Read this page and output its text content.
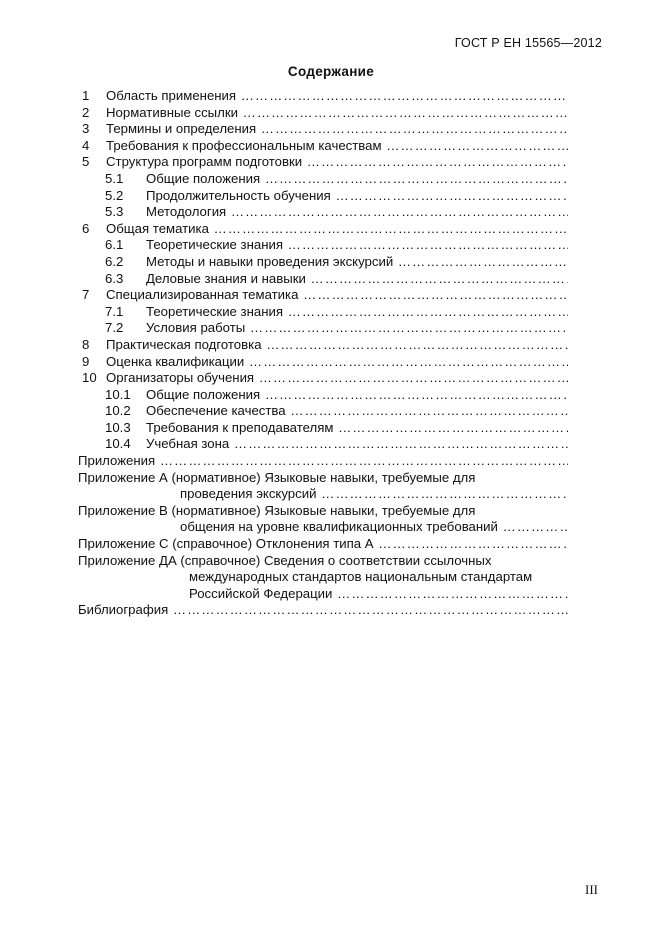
ГОСТ Р ЕН 15565—2012
Содержание
1 Область применения …………………………………………………………………………………………………………………………………………………………………………………
2 Нормативные ссылки …………………………………………………………………………………………………………………………………………………………………………………
3 Термины и определения …………………………………………………………………………………………………………………………………………………………………………………
4 Требования к профессиональным качествам …………………………………………………………………………………………………………………………………………………………………………………
5 Структура программ подготовки …………………………………………………………………………………………………………………………………………………………………………………
5.1 Общие положения …………………………………………………………………………………………………………………………………………………………………………………
5.2 Продолжительность обучения …………………………………………………………………………………………………………………………………………………………………………………
5.3 Методология …………………………………………………………………………………………………………………………………………………………………………………
6 Общая тематика …………………………………………………………………………………………………………………………………………………………………………………
6.1 Теоретические знания …………………………………………………………………………………………………………………………………………………………………………………
6.2 Методы и навыки проведения экскурсий …………………………………………………………………………………………………………………………………………………………………………………
6.3 Деловые знания и навыки …………………………………………………………………………………………………………………………………………………………………………………
7 Специализированная тематика …………………………………………………………………………………………………………………………………………………………………………………
7.1 Теоретические знания …………………………………………………………………………………………………………………………………………………………………………………
7.2 Условия работы …………………………………………………………………………………………………………………………………………………………………………………
8 Практическая подготовка …………………………………………………………………………………………………………………………………………………………………………………
9 Оценка квалификации …………………………………………………………………………………………………………………………………………………………………………………
10 Организаторы обучения …………………………………………………………………………………………………………………………………………………………………………………
10.1 Общие положения …………………………………………………………………………………………………………………………………………………………………………………
10.2 Обеспечение качества …………………………………………………………………………………………………………………………………………………………………………………
10.3 Требования к преподавателям …………………………………………………………………………………………………………………………………………………………………………………
10.4 Учебная зона …………………………………………………………………………………………………………………………………………………………………………………
Приложения …………………………………………………………………………………………………………………………………………………………………………………
Приложение А (нормативное) Языковые навыки, требуемые для
проведения экскурсий …………………………………………………………………………………………………………………………………………………………………………………
Приложение В (нормативное) Языковые навыки, требуемые для
общения на уровне квалификационных требований …………………………………………………………………………………………………………………………………………………………………………………
Приложение С (справочное) Отклонения типа А …………………………………………………………………………………………………………………………………………………………………………………
Приложение ДА (справочное) Сведения о соответствии ссылочных
международных стандартов национальным стандартам
Российской Федерации …………………………………………………………………………………………………………………………………………………………………………………
Библиография …………………………………………………………………………………………………………………………………………………………………………………
III
